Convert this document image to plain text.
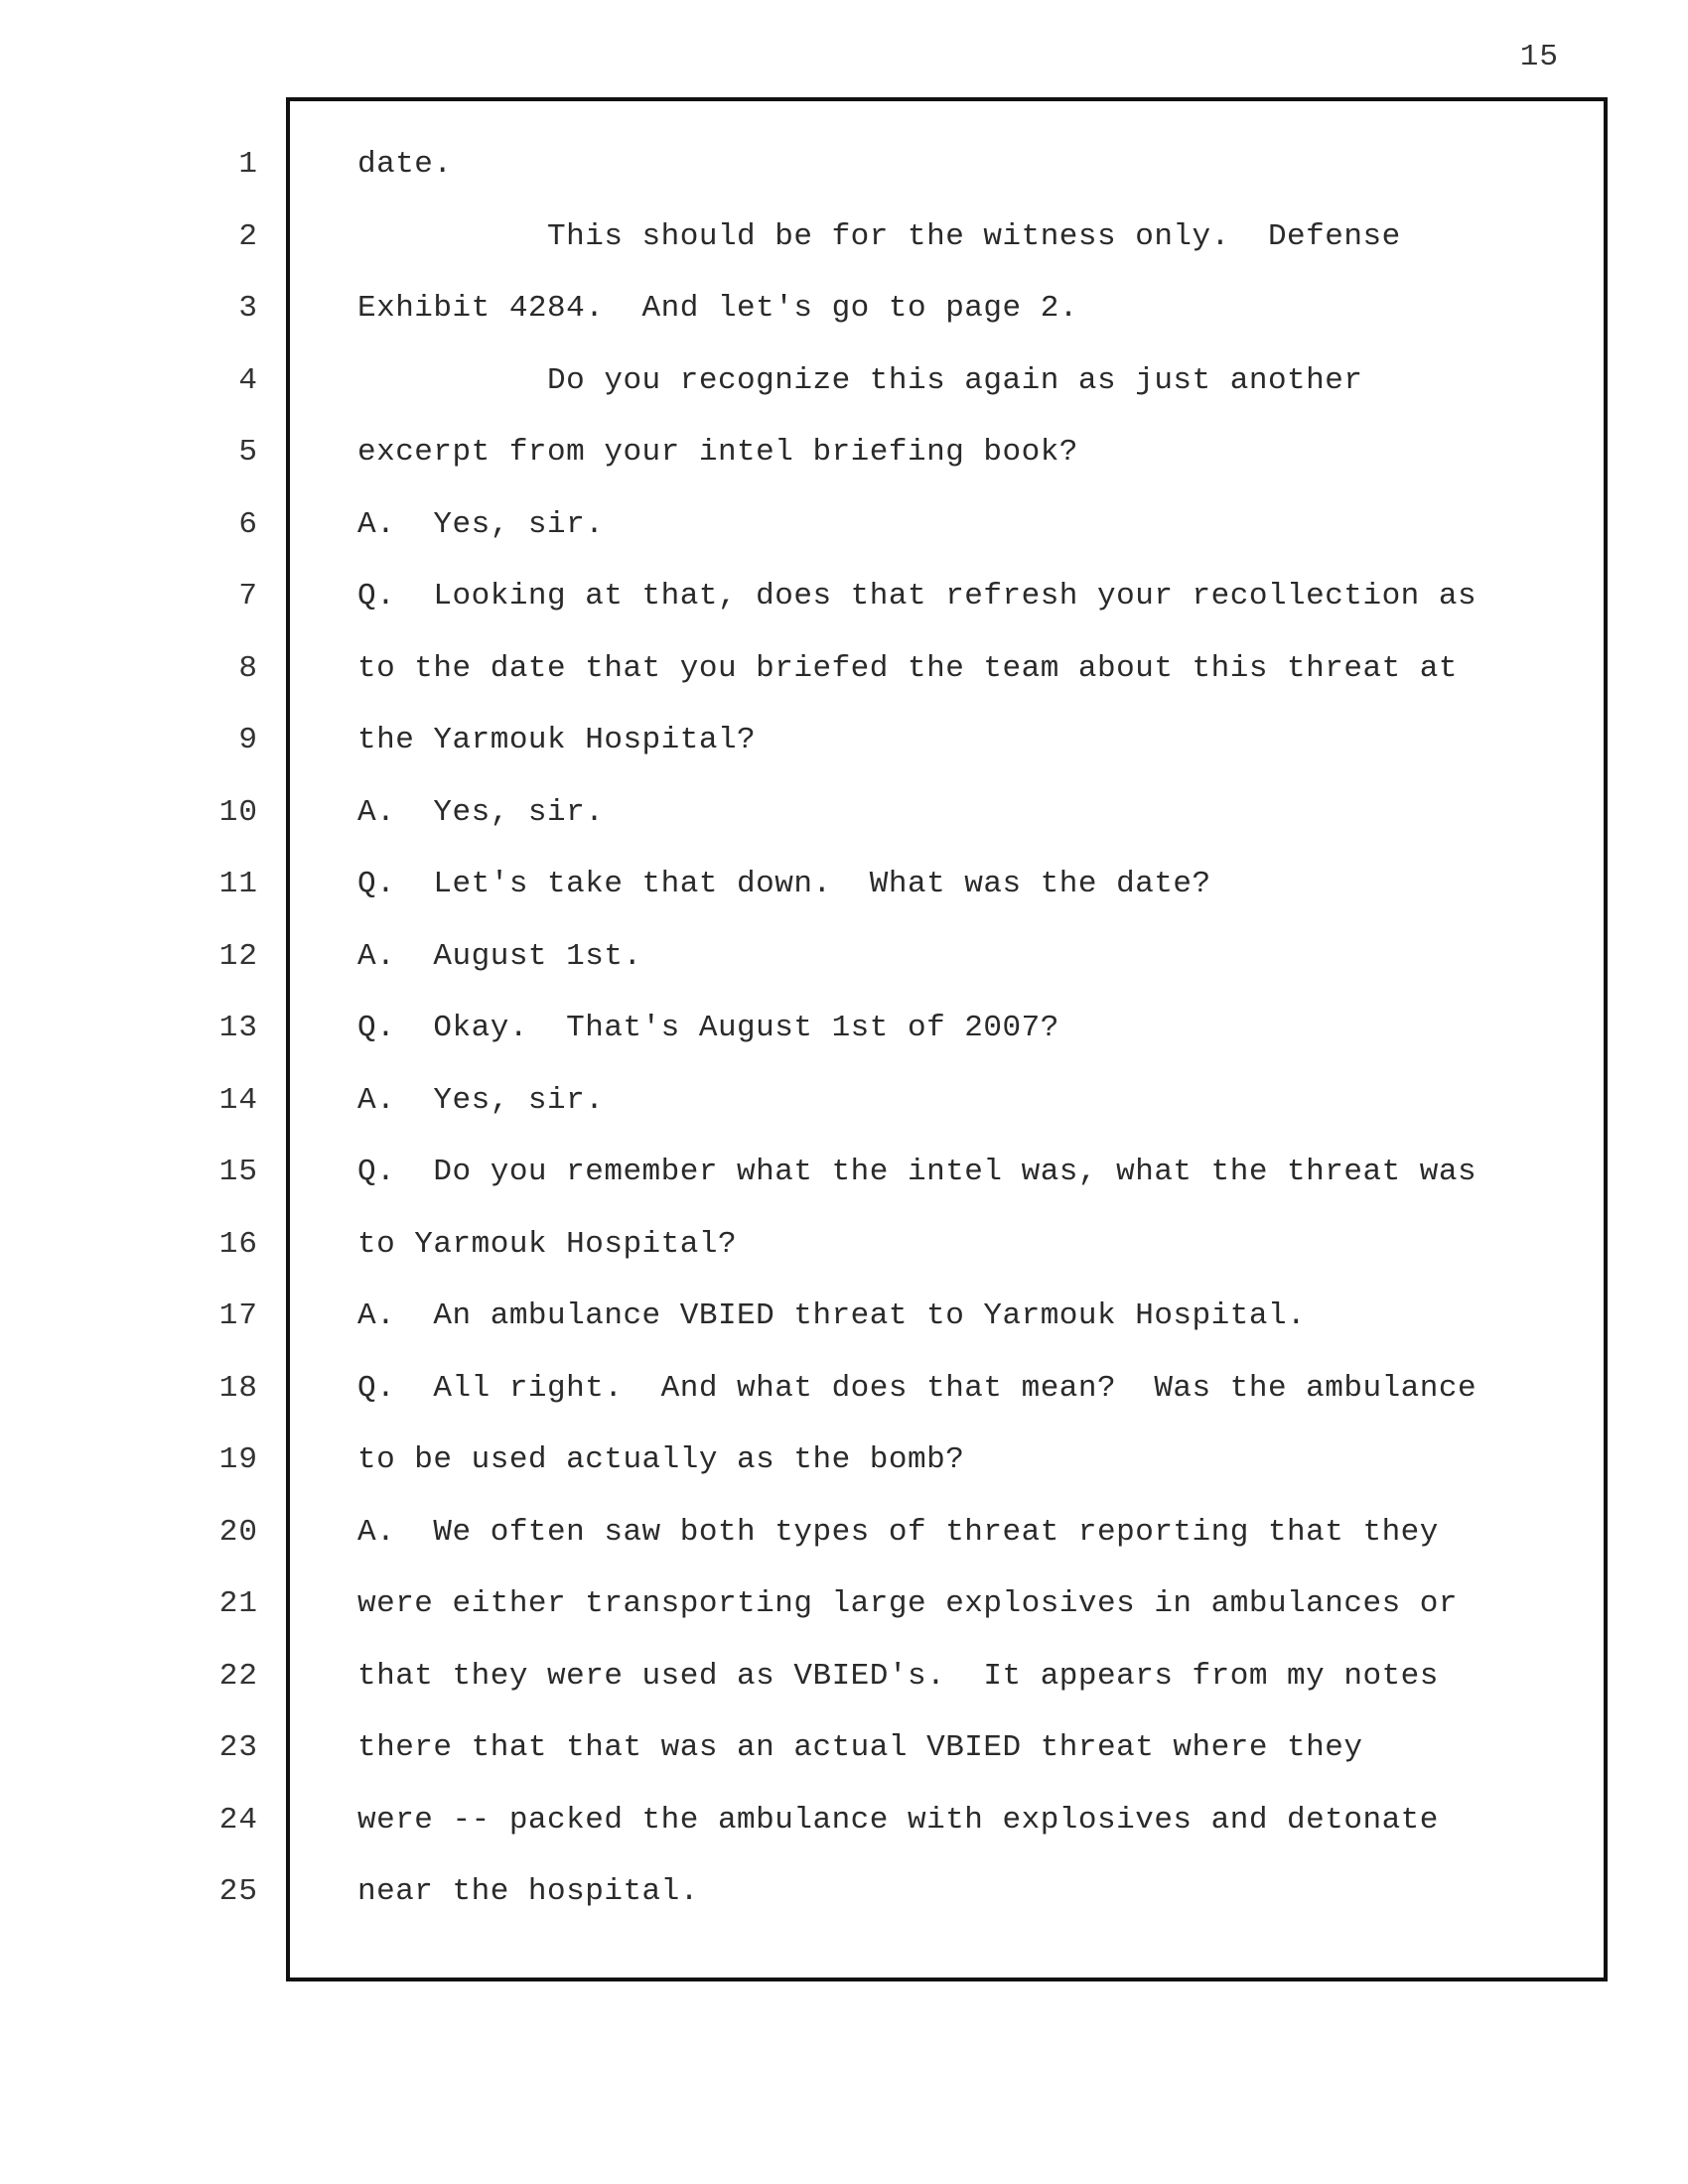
15
1	date.
2	This should be for the witness only.  Defense
3	Exhibit 4284.  And let's go to page 2.
4	Do you recognize this again as just another
5	excerpt from your intel briefing book?
6	A.  Yes, sir.
7	Q.  Looking at that, does that refresh your recollection as
8	to the date that you briefed the team about this threat at
9	the Yarmouk Hospital?
10	A.  Yes, sir.
11	Q.  Let's take that down.  What was the date?
12	A.  August 1st.
13	Q.  Okay.  That's August 1st of 2007?
14	A.  Yes, sir.
15	Q.  Do you remember what the intel was, what the threat was
16	to Yarmouk Hospital?
17	A.  An ambulance VBIED threat to Yarmouk Hospital.
18	Q.  All right.  And what does that mean?  Was the ambulance
19	to be used actually as the bomb?
20	A.  We often saw both types of threat reporting that they
21	were either transporting large explosives in ambulances or
22	that they were used as VBIED's.  It appears from my notes
23	there that that was an actual VBIED threat where they
24	were -- packed the ambulance with explosives and detonate
25	near the hospital.
